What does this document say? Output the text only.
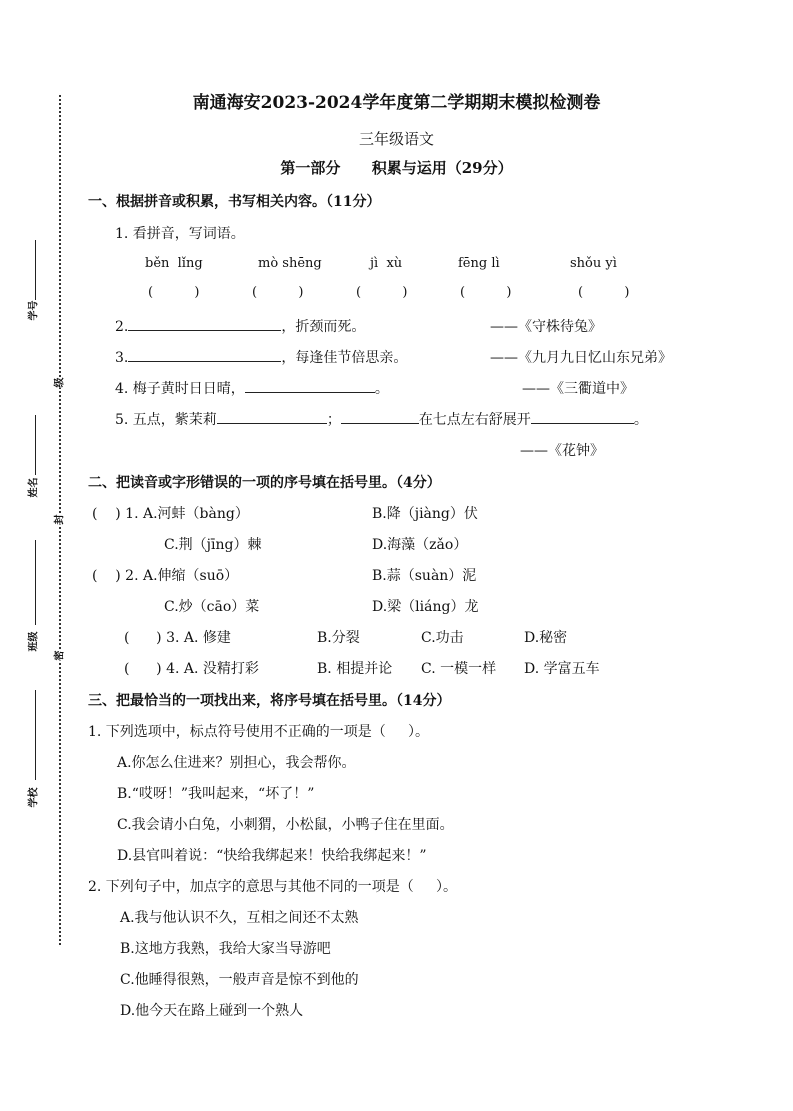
学号
级
姓名
封
班级
密
学校
南通海安2023-2024学年度第二学期期末模拟检测卷
三年级语文
第一部分      积累与运用（29分）
一、根据拼音或积累，书写相关内容。（11分）
1. 看拼音，写词语。
běn  lǐng	mò shēng	jì  xù	fēng lì	shǒu yì
(          )	(          )	(          )	(          )	(          )
2.	，折颈而死。	——《守株待兔》
3.	，每逢佳节倍思亲。	——《九月九日忆山东兄弟》
4. 梅子黄时日日晴，	。	——《三衢道中》
5. 五点，紫茉莉	；	在七点左右舒展开	。
——《花钟》
二、把读音或字形错误的一项的序号填在括号里。（4分）
(    ) 1. A.河蚌（bàng）	B.降（jiàng）伏
C.荆（jīng）棘	D.海藻（zǎo）
(    ) 2. A.伸缩（suō）	B.蒜（suàn）泥
C.炒（cāo）菜	D.梁（liáng）龙
(      ) 3. A. 修建	B.分裂	C.功击	D.秘密
(      ) 4. A. 没精打彩	B. 相提并论 C. 一模一样 D. 学富五车
三、把最恰当的一项找出来，将序号填在括号里。（14分）
1. 下列选项中，标点符号使用不正确的一项是（     ）。
A.你怎么住进来？别担心，我会帮你。
B.“哎呀！”我叫起来，“坏了！”
C.我会请小白兔，小刺猬，小松鼠，小鸭子住在里面。
D.县官叫着说：“快给我绑起来！快给我绑起来！”
2. 下列句子中，加点字的意思与其他不同的一项是（     ）。
A.我与他认识不久，互相之间还不太熟
B.这地方我熟，我给大家当导游吧
C.他睡得很熟，一般声音是惊不到他的
D.他今天在路上碰到一个熟人
